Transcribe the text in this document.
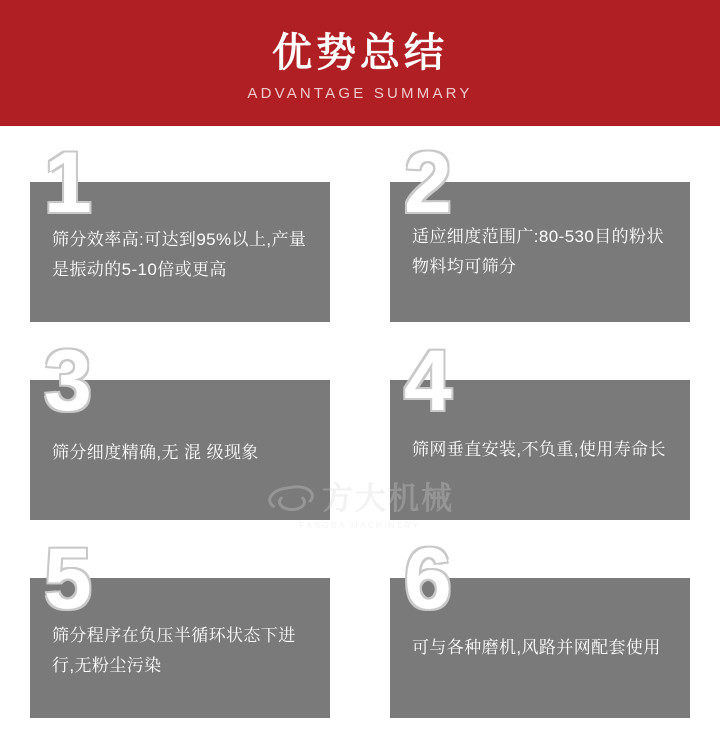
优势总结
ADVANTAGE SUMMARY
筛分效率高:可达到95%以上,产量是振动的5-10倍或更高
1
适应细度范围广:80-530目的粉状物料均可筛分
2
筛分细度精确,无 混 级现象
3
筛网垂直安装,不负重,使用寿命长
4
筛分程序在负压半循环状态下进行,无粉尘污染
5
可与各种磨机,风路并网配套使用
6
方大机械
FANGDA MACHINERY
